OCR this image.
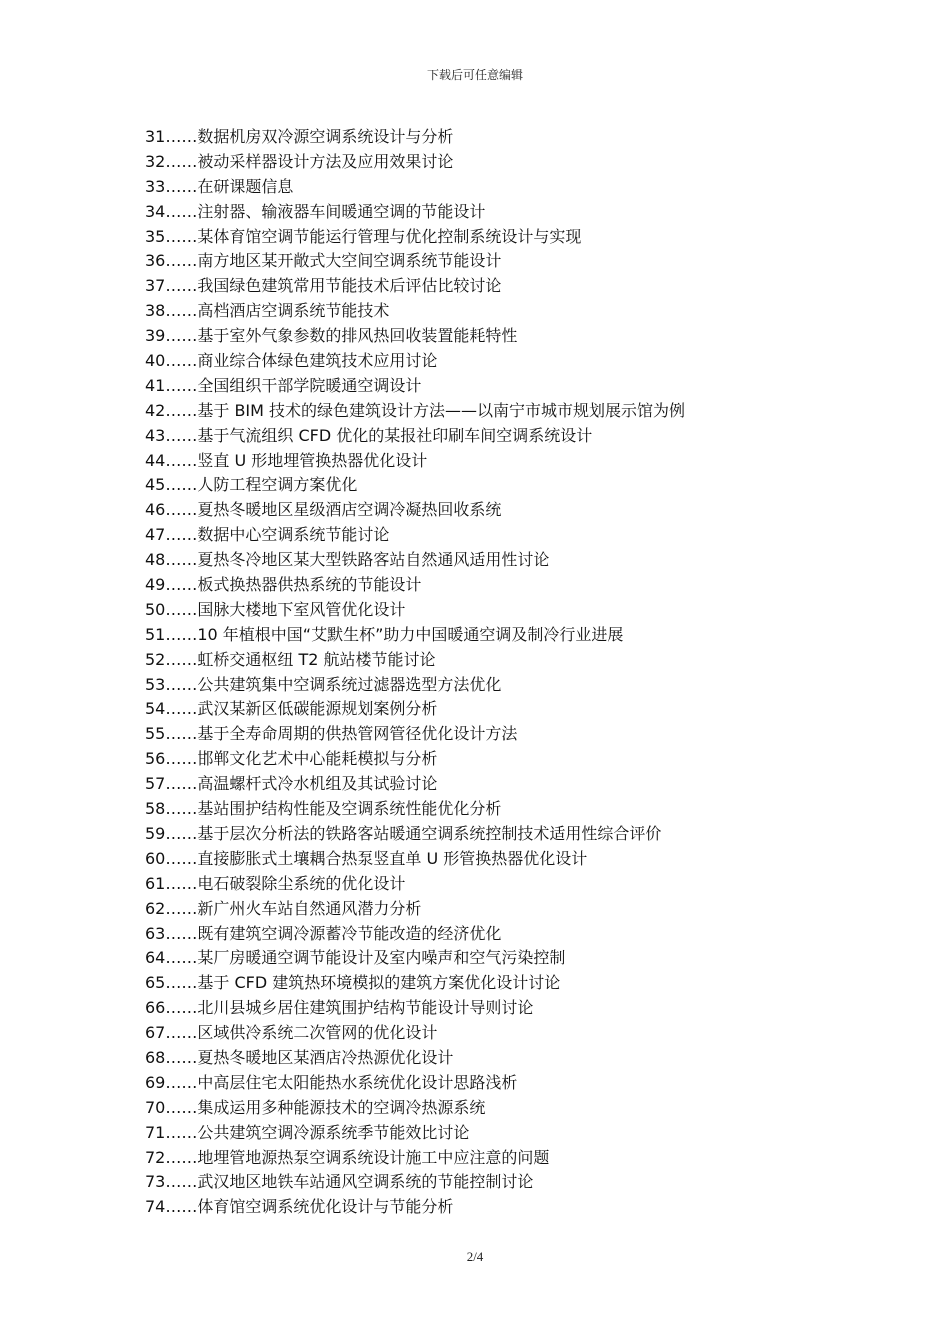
下载后可任意编辑
31……数据机房双冷源空调系统设计与分析
32……被动采样器设计方法及应用效果讨论
33……在研课题信息
34……注射器、输液器车间暖通空调的节能设计
35……某体育馆空调节能运行管理与优化控制系统设计与实现
36……南方地区某开敞式大空间空调系统节能设计
37……我国绿色建筑常用节能技术后评估比较讨论
38……高档酒店空调系统节能技术
39……基于室外气象参数的排风热回收装置能耗特性
40……商业综合体绿色建筑技术应用讨论
41……全国组织干部学院暖通空调设计
42……基于 BIM 技术的绿色建筑设计方法——以南宁市城市规划展示馆为例
43……基于气流组织 CFD 优化的某报社印刷车间空调系统设计
44……竖直 U 形地埋管换热器优化设计
45……人防工程空调方案优化
46……夏热冬暖地区星级酒店空调冷凝热回收系统
47……数据中心空调系统节能讨论
48……夏热冬冷地区某大型铁路客站自然通风适用性讨论
49……板式换热器供热系统的节能设计
50……国脉大楼地下室风管优化设计
51……10 年植根中国“艾默生杯”助力中国暖通空调及制冷行业进展
52……虹桥交通枢纽 T2 航站楼节能讨论
53……公共建筑集中空调系统过滤器选型方法优化
54……武汉某新区低碳能源规划案例分析
55……基于全寿命周期的供热管网管径优化设计方法
56……邯郸文化艺术中心能耗模拟与分析
57……高温螺杆式冷水机组及其试验讨论
58……基站围护结构性能及空调系统性能优化分析
59……基于层次分析法的铁路客站暖通空调系统控制技术适用性综合评价
60……直接膨胀式土壤耦合热泵竖直单 U 形管换热器优化设计
61……电石破裂除尘系统的优化设计
62……新广州火车站自然通风潜力分析
63……既有建筑空调冷源蓄冷节能改造的经济优化
64……某厂房暖通空调节能设计及室内噪声和空气污染控制
65……基于 CFD 建筑热环境模拟的建筑方案优化设计讨论
66……北川县城乡居住建筑围护结构节能设计导则讨论
67……区域供冷系统二次管网的优化设计
68……夏热冬暖地区某酒店冷热源优化设计
69……中高层住宅太阳能热水系统优化设计思路浅析
70……集成运用多种能源技术的空调冷热源系统
71……公共建筑空调冷源系统季节能效比讨论
72……地埋管地源热泵空调系统设计施工中应注意的问题
73……武汉地区地铁车站通风空调系统的节能控制讨论
74……体育馆空调系统优化设计与节能分析
2/4
